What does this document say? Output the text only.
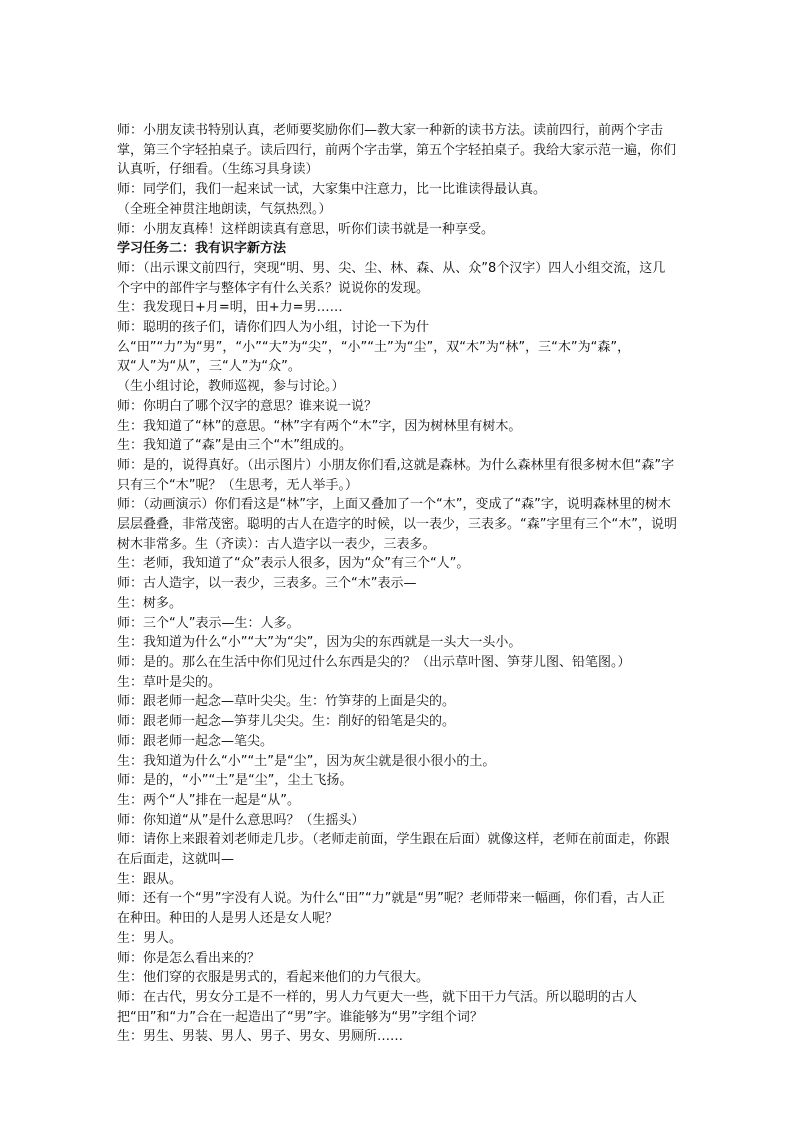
师：小朋友读书特别认真，老师要奖励你们—教大家一种新的读书方法。读前四行，前两个字击掌，第三个字轻拍桌子。读后四行，前两个字击掌，第五个字轻拍桌子。我给大家示范一遍，你们认真听，仔细看。（生练习具身读）

师：同学们，我们一起来试一试，大家集中注意力，比一比谁读得最认真。

（全班全神贯注地朗读，气氛热烈。）

师：小朋友真棒！这样朗读真有意思，听你们读书就是一种享受。

学习任务二：我有识字新方法

师：（出示课文前四行，突现“明、男、尖、尘、林、森、从、众”8个汉字）四人小组交流，这几个字中的部件字与整体字有什么关系？说说你的发现。

生：我发现日+月=明，田+力=男……

师：聪明的孩子们，请你们四人为小组，讨论一下为什么“田”“力”为“男”，“小”“大”为“尖”，“小”“土”为“尘”，双“木”为“林”，三“木”为“森”，双“人”为“从”，三“人”为“众”。

（生小组讨论，教师巡视，参与讨论。）

师：你明白了哪个汉字的意思？谁来说一说？

生：我知道了“林”的意思。“林”字有两个“木”字，因为树林里有树木。

生：我知道了“森”是由三个“木”组成的。

师：是的，说得真好。（出示图片）小朋友你们看,这就是森林。为什么森林里有很多树木但“森”字只有三个“木”呢？（生思考，无人举手。）

师：（动画演示）你们看这是“林”字，上面又叠加了一个“木”，变成了“森”字，说明森林里的树木层层叠叠，非常茂密。聪明的古人在造字的时候，以一表少，三表多。“森”字里有三个“木”，说明树木非常多。生（齐读）：古人造字以一表少，三表多。

生：老师，我知道了“众”表示人很多，因为“众”有三个“人”。

师：古人造字，以一表少，三表多。三个“木”表示—

生：树多。

师：三个“人”表示—生：人多。

生：我知道为什么“小”“大”为“尖”，因为尖的东西就是一头大一头小。

师：是的。那么在生活中你们见过什么东西是尖的？（出示草叶图、笋芽儿图、铅笔图。）

生：草叶是尖的。

师：跟老师一起念—草叶尖尖。生：竹笋芽的上面是尖的。

师：跟老师一起念—笋芽儿尖尖。生：削好的铅笔是尖的。

师：跟老师一起念—笔尖。

生：我知道为什么“小”“土”是“尘”，因为灰尘就是很小很小的土。

师：是的，“小”“土”是“尘”，尘土飞扬。

生：两个“人”排在一起是“从”。

师：你知道“从”是什么意思吗？（生摇头）

师：请你上来跟着刘老师走几步。（老师走前面，学生跟在后面）就像这样，老师在前面走，你跟在后面走，这就叫—

生：跟从。

师：还有一个“男”字没有人说。为什么“田”“力”就是“男”呢？老师带来一幅画，你们看，古人正在种田。种田的人是男人还是女人呢？

生：男人。

师：你是怎么看出来的？

生：他们穿的衣服是男式的，看起来他们的力气很大。

师：在古代，男女分工是不一样的，男人力气更大一些，就下田干力气活。所以聪明的古人把“田”和“力”合在一起造出了“男”字。谁能够为“男”字组个词？

生：男生、男装、男人、男子、男女、男厕所……
